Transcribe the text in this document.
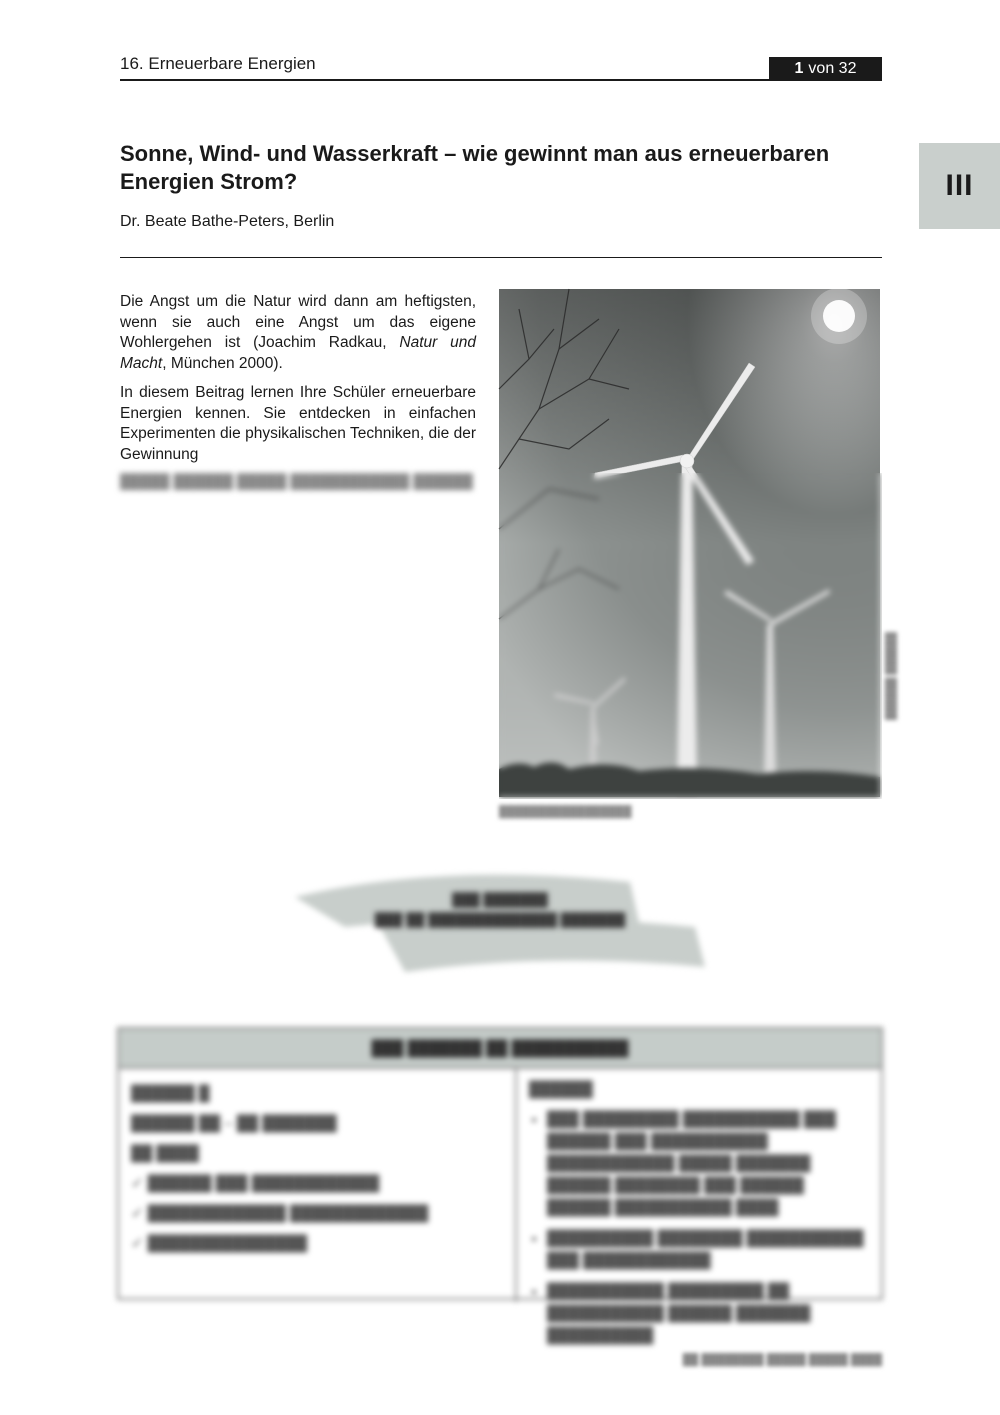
16. Erneuerbare Energien	1 von 32
III
Sonne, Wind- und Wasserkraft – wie gewinnt man aus erneuerbaren Energien Strom?
Dr. Beate Bathe-Peters, Berlin

Die Angst um die Natur wird dann am heftigsten, wenn sie auch eine Angst um das eigene Wohlergehen ist (Joachim Radkau, Natur und Macht, München 2000).

In diesem Beitrag lernen Ihre Schüler erneuerbare Energien kennen. Sie entdecken in einfachen Experimenten die physikalischen Techniken, die der Gewinnung

█████ ██████ █████ ████████████ ██████
█████████████████
██████ ██████
███ ███████
███ ██ ██████████████ ███████
███ ███████ ██ ███████████
██████ █
██████ ██ – ██ ███████
██ ████
✓ ██████ ███ ████████████
✓ █████████████ █████████████
✓ ███████████████
██████
• ███ █████████ ███████████ ███ ██████ ███ ███████████ ████████████ █████ ███████ ██████ ████████ ███ ██████ ██████ ███████████ ████
• ██████████ ████████ ███████████ ███ ████████████
• ███████████ █████████ ██ ███████████ ██████ ███████ ██████████
██ ████████ █████ █████ ████
